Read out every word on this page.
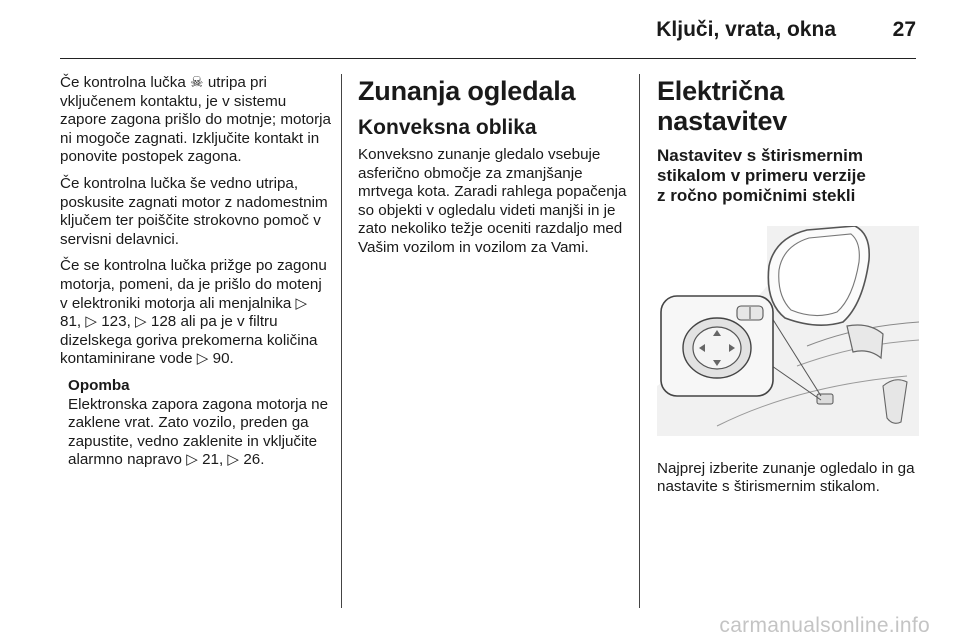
Ključi, vrata, okna	27

Če kontrolna lučka ☠ utripa pri vključenem kontaktu, je v sistemu zapore zagona prišlo do motnje; motorja ni mogoče zagnati. Izključite kontakt in ponovite postopek zagona.

Če kontrolna lučka še vedno utripa, poskusite zagnati motor z nadomestnim ključem ter poiščite strokovno pomoč v servisni delavnici.

Če se kontrolna lučka prižge po zagonu motorja, pomeni, da je prišlo do motenj v elektroniki motorja ali menjalnika ▷ 81, ▷ 123, ▷ 128 ali pa je v filtru dizelskega goriva prekomerna količina kontaminirane vode ▷ 90.

Opomba
Elektronska zapora zagona motorja ne zaklene vrat. Zato vozilo, preden ga zapustite, vedno zaklenite in vključite alarmno napravo ▷ 21, ▷ 26.
Zunanja ogledala
Konveksna oblika

Konveksno zunanje gledalo vsebuje asferično območje za zmanjšanje mrtvega kota. Zaradi rahlega popačenja so objekti v ogledalu videti manjši in je zato nekoliko težje oceniti razdaljo med Vašim vozilom in vozilom za Vami.

Električna nastavitev
Nastavitev s štirismernim
stikalom v primeru verzije
z ročno pomičnimi stekli

Najprej izberite zunanje ogledalo in ga nastavite s štirismernim stikalom.

carmanualsonline.info
